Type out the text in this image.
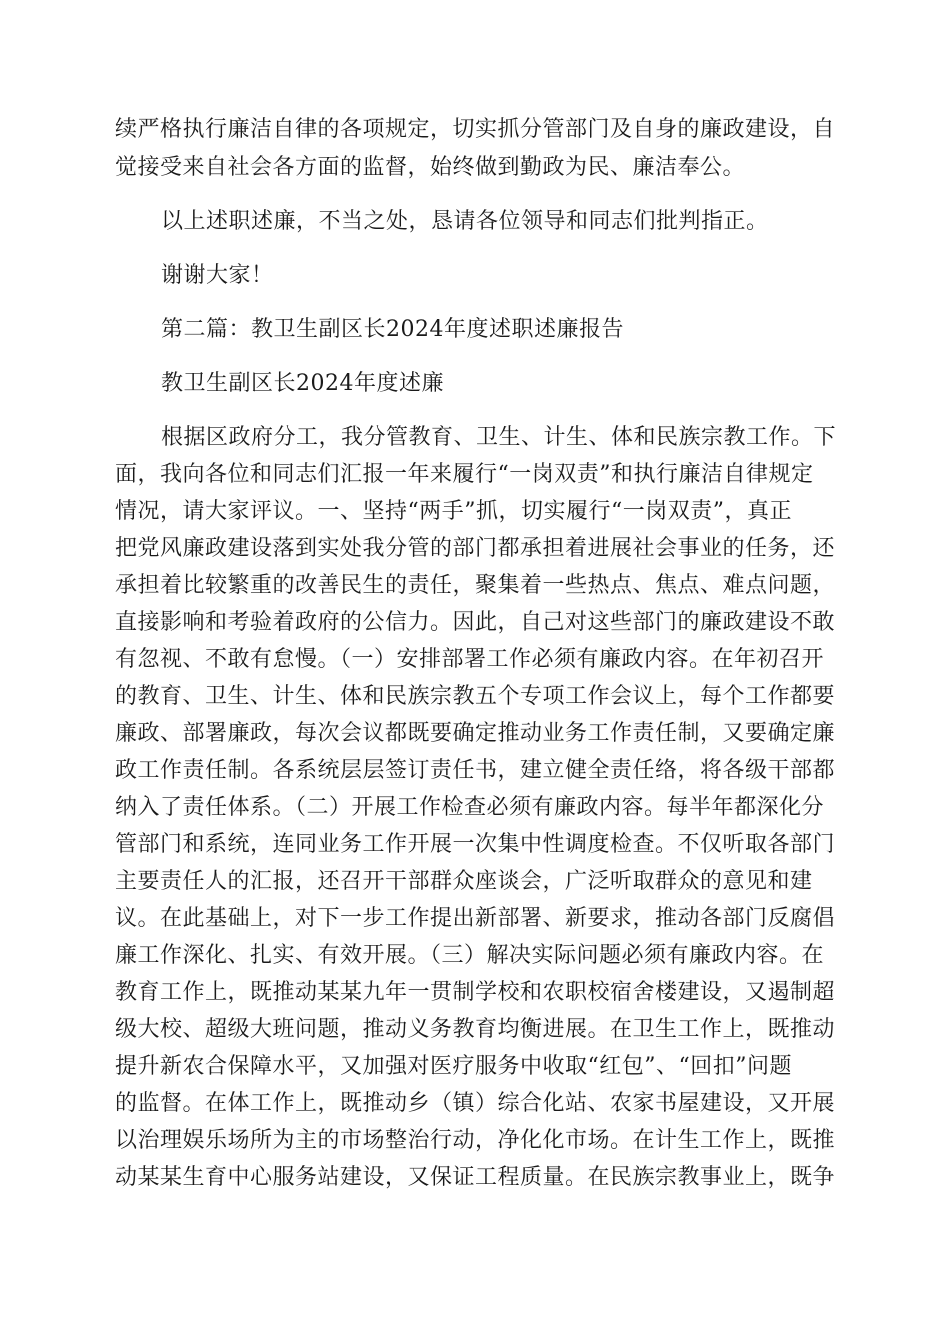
续严格执行廉洁自律的各项规定，切实抓分管部门及自身的廉政建设，自

觉接受来自社会各方面的监督，始终做到勤政为民、廉洁奉公。

以上述职述廉，不当之处，恳请各位领导和同志们批判指正。

谢谢大家！

第二篇：教卫生副区长2024年度述职述廉报告

教卫生副区长2024年度述廉

根据区政府分工，我分管教育、卫生、计生、体和民族宗教工作。下

面，我向各位和同志们汇报一年来履行“一岗双责”和执行廉洁自律规定

情况，请大家评议。一、坚持“两手”抓，切实履行“一岗双责”，真正

把党风廉政建设落到实处我分管的部门都承担着进展社会事业的任务，还

承担着比较繁重的改善民生的责任，聚集着一些热点、焦点、难点问题，

直接影响和考验着政府的公信力。因此，自己对这些部门的廉政建设不敢

有忽视、不敢有怠慢。（一）安排部署工作必须有廉政内容。在年初召开

的教育、卫生、计生、体和民族宗教五个专项工作会议上，每个工作都要

廉政、部署廉政，每次会议都既要确定推动业务工作责任制，又要确定廉

政工作责任制。各系统层层签订责任书，建立健全责任络，将各级干部都

纳入了责任体系。（二）开展工作检查必须有廉政内容。每半年都深化分

管部门和系统，连同业务工作开展一次集中性调度检查。不仅听取各部门

主要责任人的汇报，还召开干部群众座谈会，广泛听取群众的意见和建

议。在此基础上，对下一步工作提出新部署、新要求，推动各部门反腐倡

廉工作深化、扎实、有效开展。（三）解决实际问题必须有廉政内容。在

教育工作上，既推动某某九年一贯制学校和农职校宿舍楼建设，又遏制超

级大校、超级大班问题，推动义务教育均衡进展。在卫生工作上，既推动

提升新农合保障水平，又加强对医疗服务中收取“红包”、“回扣”问题

的监督。在体工作上，既推动乡（镇）综合化站、农家书屋建设，又开展

以治理娱乐场所为主的市场整治行动，净化化市场。在计生工作上，既推

动某某生育中心服务站建设，又保证工程质量。在民族宗教事业上，既争
